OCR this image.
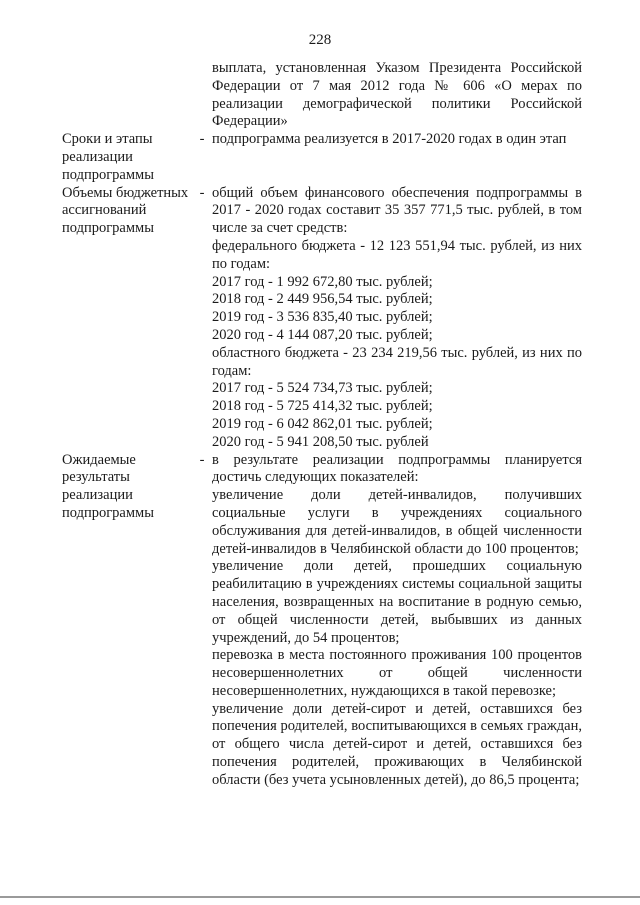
228
выплата, установленная Указом Президента Российской Федерации от 7 мая 2012 года № 606 «О мерах по реализации демографической политики Российской Федерации»
Сроки и этапы реализации подпрограммы
- подпрограмма реализуется в 2017-2020 годах в один этап
Объемы бюджетных ассигнований подпрограммы
- общий объем финансового обеспечения подпрограммы в 2017 - 2020 годах составит 35 357 771,5 тыс. рублей, в том числе за счет средств:
федерального бюджета - 12 123 551,94 тыс. рублей, из них по годам:
2017 год - 1 992 672,80 тыс. рублей;
2018 год - 2 449 956,54 тыс. рублей;
2019 год - 3 536 835,40 тыс. рублей;
2020 год - 4 144 087,20 тыс. рублей;
областного бюджета - 23 234 219,56 тыс. рублей, из них по годам:
2017 год - 5 524 734,73 тыс. рублей;
2018 год - 5 725 414,32 тыс. рублей;
2019 год - 6 042 862,01 тыс. рублей;
2020 год - 5 941 208,50 тыс. рублей
Ожидаемые результаты реализации подпрограммы
- в результате реализации подпрограммы планируется достичь следующих показателей:
увеличение доли детей-инвалидов, получивших социальные услуги в учреждениях социального обслуживания для детей-инвалидов, в общей численности детей-инвалидов в Челябинской области до 100 процентов;
увеличение доли детей, прошедших социальную реабилитацию в учреждениях системы социальной защиты населения, возвращенных на воспитание в родную семью, от общей численности детей, выбывших из данных учреждений, до 54 процентов;
перевозка в места постоянного проживания 100 процентов несовершеннолетних от общей численности несовершеннолетних, нуждающихся в такой перевозке;
увеличение доли детей-сирот и детей, оставшихся без попечения родителей, воспитывающихся в семьях граждан, от общего числа детей-сирот и детей, оставшихся без попечения родителей, проживающих в Челябинской области (без учета усыновленных детей), до 86,5 процента;
